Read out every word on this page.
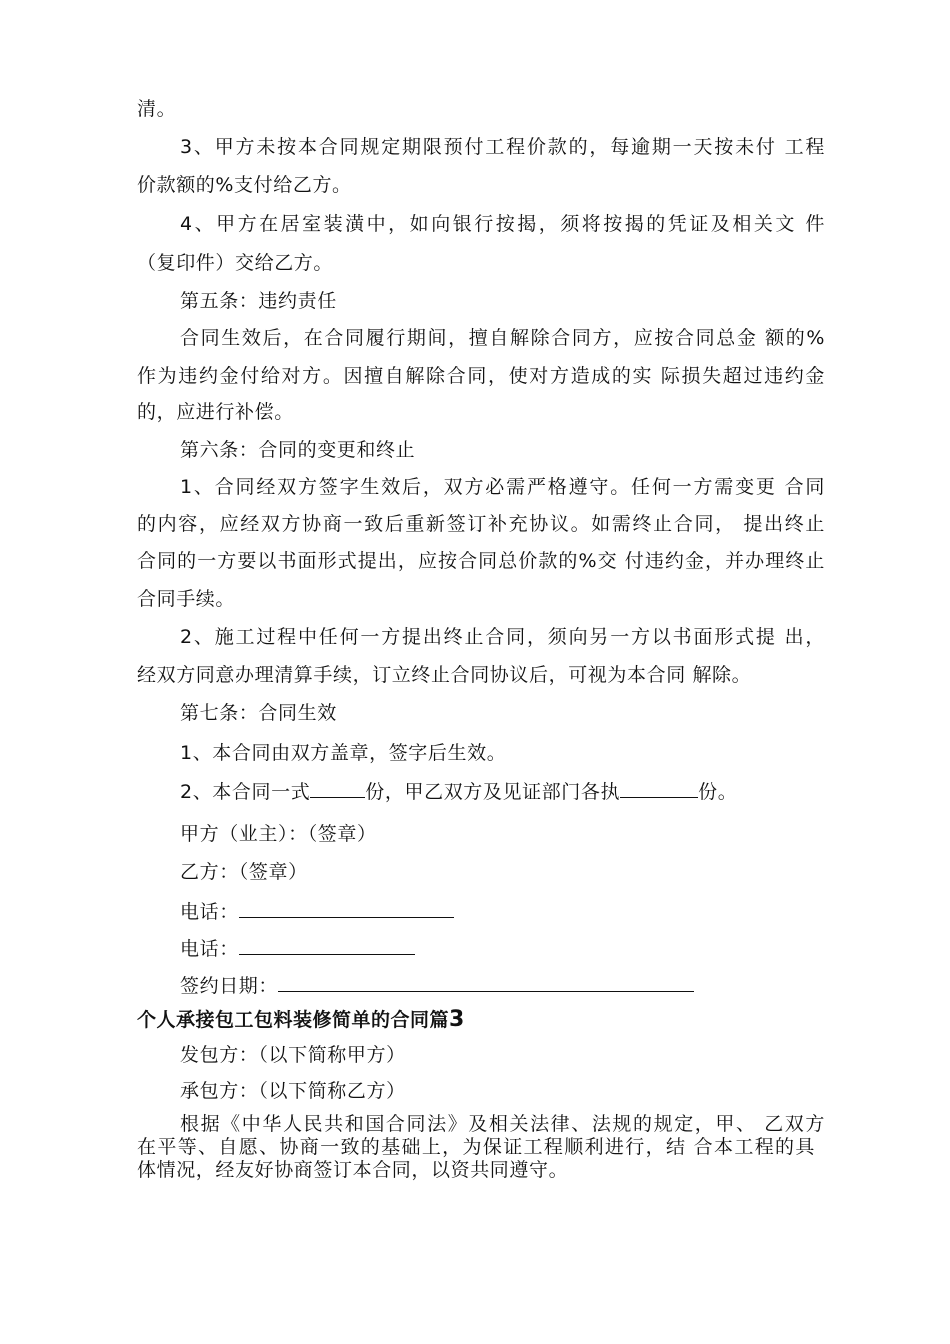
清。
3、甲方未按本合同规定期限预付工程价款的，每逾期一天按未付 工程
价款额的%支付给乙方。
4、甲方在居室装潢中，如向银行按揭，须将按揭的凭证及相关文 件
（复印件）交给乙方。
第五条：违约责任
合同生效后，在合同履行期间，擅自解除合同方，应按合同总金 额的%
作为违约金付给对方。因擅自解除合同，使对方造成的实 际损失超过违约金
的，应进行补偿。
第六条：合同的变更和终止
1、合同经双方签字生效后，双方必需严格遵守。任何一方需变更 合同
的内容，应经双方协商一致后重新签订补充协议。如需终止合同， 提出终止
合同的一方要以书面形式提出，应按合同总价款的%交 付违约金，并办理终止
合同手续。
2、施工过程中任何一方提出终止合同，须向另一方以书面形式提 出，
经双方同意办理清算手续，订立终止合同协议后，可视为本合同 解除。
第七条：合同生效
1、本合同由双方盖章，签字后生效。
2、本合同一式	份，甲乙双方及见证部门各执	份。
甲方（业主）：（签章）
乙方：（签章）
电话：
电话：
签约日期：
个人承接包工包料装修简单的合同篇3
发包方：（以下简称甲方）
承包方：（以下简称乙方）
根据《中华人民共和国合同法》及相关法律、法规的规定，甲、 乙双方
在平等、自愿、协商一致的基础上，为保证工程顺利进行，结 合本工程的具
体情况，经友好协商签订本合同，以资共同遵守。
